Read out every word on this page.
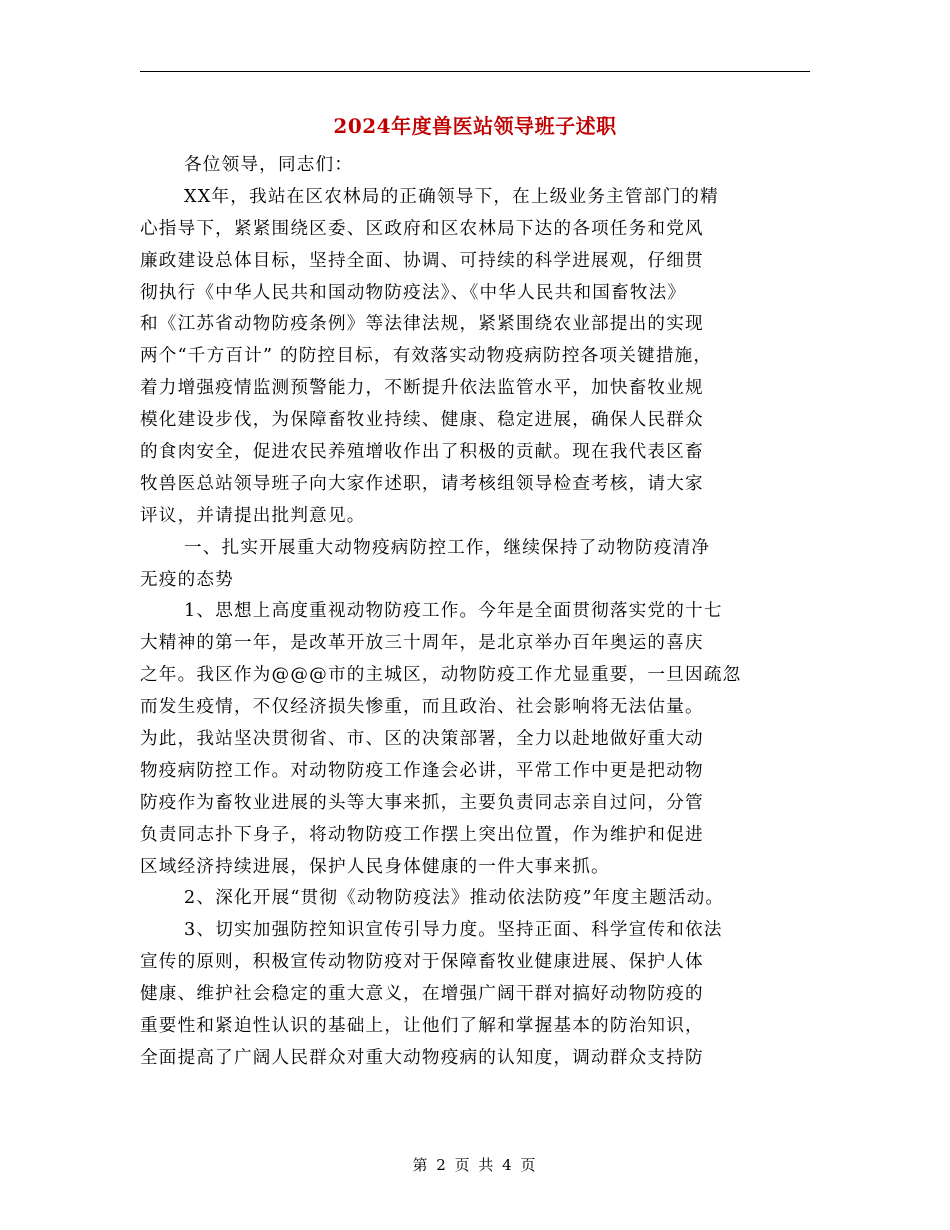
2024年度兽医站领导班子述职
各位领导，同志们：
XX年，我站在区农林局的正确领导下，在上级业务主管部门的精
心指导下，紧紧围绕区委、区政府和区农林局下达的各项任务和党风
廉政建设总体目标，坚持全面、协调、可持续的科学进展观，仔细贯
彻执行《中华人民共和国动物防疫法》、《中华人民共和国畜牧法》
和《江苏省动物防疫条例》等法律法规，紧紧围绕农业部提出的实现
两个“千方百计” 的防控目标，有效落实动物疫病防控各项关键措施，
着力增强疫情监测预警能力，不断提升依法监管水平，加快畜牧业规
模化建设步伐，为保障畜牧业持续、健康、稳定进展，确保人民群众
的食肉安全，促进农民养殖增收作出了积极的贡献。现在我代表区畜
牧兽医总站领导班子向大家作述职，请考核组领导检查考核，请大家
评议，并请提出批判意见。
一、扎实开展重大动物疫病防控工作，继续保持了动物防疫清净
无疫的态势
1、思想上高度重视动物防疫工作。今年是全面贯彻落实党的十七
大精神的第一年，是改革开放三十周年，是北京举办百年奥运的喜庆
之年。我区作为@@@市的主城区，动物防疫工作尤显重要，一旦因疏忽
而发生疫情，不仅经济损失惨重，而且政治、社会影响将无法估量。
为此，我站坚决贯彻省、市、区的决策部署，全力以赴地做好重大动
物疫病防控工作。对动物防疫工作逢会必讲，平常工作中更是把动物
防疫作为畜牧业进展的头等大事来抓，主要负责同志亲自过问，分管
负责同志扑下身子，将动物防疫工作摆上突出位置，作为维护和促进
区域经济持续进展，保护人民身体健康的一件大事来抓。
2、深化开展“贯彻《动物防疫法》推动依法防疫”年度主题活动。
3、切实加强防控知识宣传引导力度。坚持正面、科学宣传和依法
宣传的原则，积极宣传动物防疫对于保障畜牧业健康进展、保护人体
健康、维护社会稳定的重大意义，在增强广阔干群对搞好动物防疫的
重要性和紧迫性认识的基础上，让他们了解和掌握基本的防治知识，
全面提高了广阔人民群众对重大动物疫病的认知度，调动群众支持防
第 2 页 共 4 页
